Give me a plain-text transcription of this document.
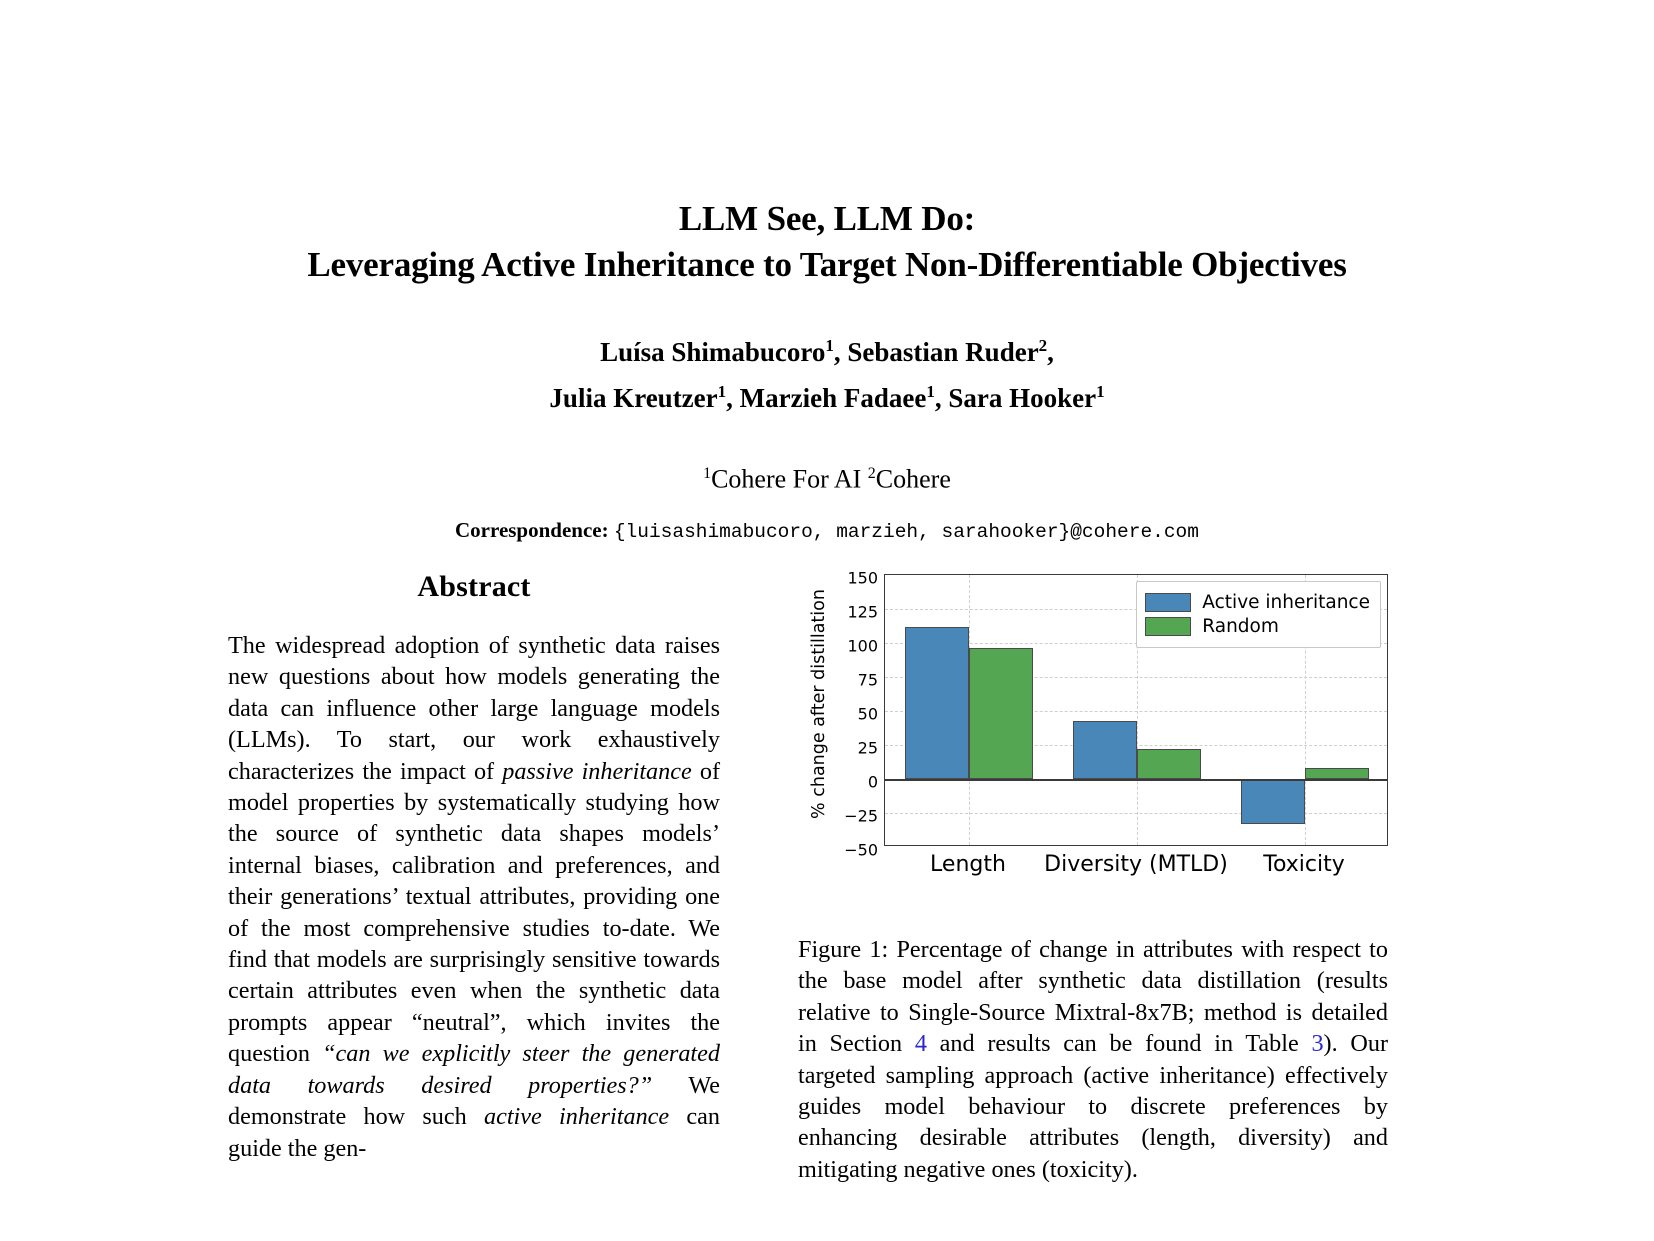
LLM See, LLM Do:
Leveraging Active Inheritance to Target Non-Differentiable Objectives
Luísa Shimabucoro$^1$, Sebastian Ruder$^2$,
Julia Kreutzer$^1$, Marzieh Fadaee$^1$, Sara Hooker$^1$
$^1$Cohere For AI $^2$Cohere
Correspondence: {luisashimabucoro, marzieh, sarahooker}@cohere.com
Abstract
The widespread adoption of synthetic data raises new questions about how models generating the data can influence other large language models (LLMs). To start, our work exhaustively characterizes the impact of passive inheritance of model properties by systematically studying how the source of synthetic data shapes models’ internal biases, calibration and preferences, and their generations’ textual attributes, providing one of the most comprehensive studies to-date. We find that models are surprisingly sensitive towards certain attributes even when the synthetic data prompts appear “neutral”, which invites the question “can we explicitly steer the generated data towards desired properties?” We demonstrate how such active inheritance can guide the gen-
% change after distillation
150
125
100
75
50
25
0
−25
−50
Active inheritance
Random
Length Diversity (MTLD) Toxicity
Figure 1: Percentage of change in attributes with respect to the base model after synthetic data distillation (results relative to Single-Source Mixtral-8x7B; method is detailed in Section 4 and results can be found in Table 3). Our targeted sampling approach (active inheritance) effectively guides model behaviour to discrete preferences by enhancing desirable attributes (length, diversity) and mitigating negative ones (toxicity).
